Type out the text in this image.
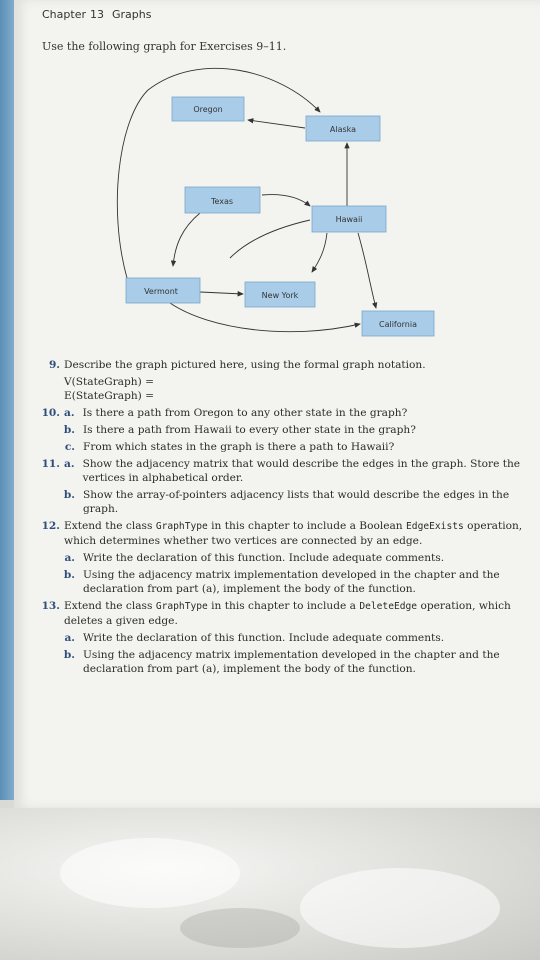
Chapter 13 Graphs
Use the following graph for Exercises 9–11.
Oregon
Alaska
Texas
Hawaii
Vermont	New York
California
9. Describe the graph pictured here, using the formal graph notation.
V(StateGraph) =
E(StateGraph) =
10. a. Is there a path from Oregon to any other state in the graph?
b. Is there a path from Hawaii to every other state in the graph?
c. From which states in the graph is there a path to Hawaii?
11. a. Show the adjacency matrix that would describe the edges in the graph. Store the vertices in alphabetical order.
b. Show the array-of-pointers adjacency lists that would describe the edges in the graph.
12. Extend the class GraphType in this chapter to include a Boolean EdgeExists operation, which determines whether two vertices are connected by an edge.
a. Write the declaration of this function. Include adequate comments.
b. Using the adjacency matrix implementation developed in the chapter and the declaration from part (a), implement the body of the function.
13. Extend the class GraphType in this chapter to include a DeleteEdge operation, which deletes a given edge.
a. Write the declaration of this function. Include adequate comments.
b. Using the adjacency matrix implementation developed in the chapter and the declaration from part (a), implement the body of the function.
